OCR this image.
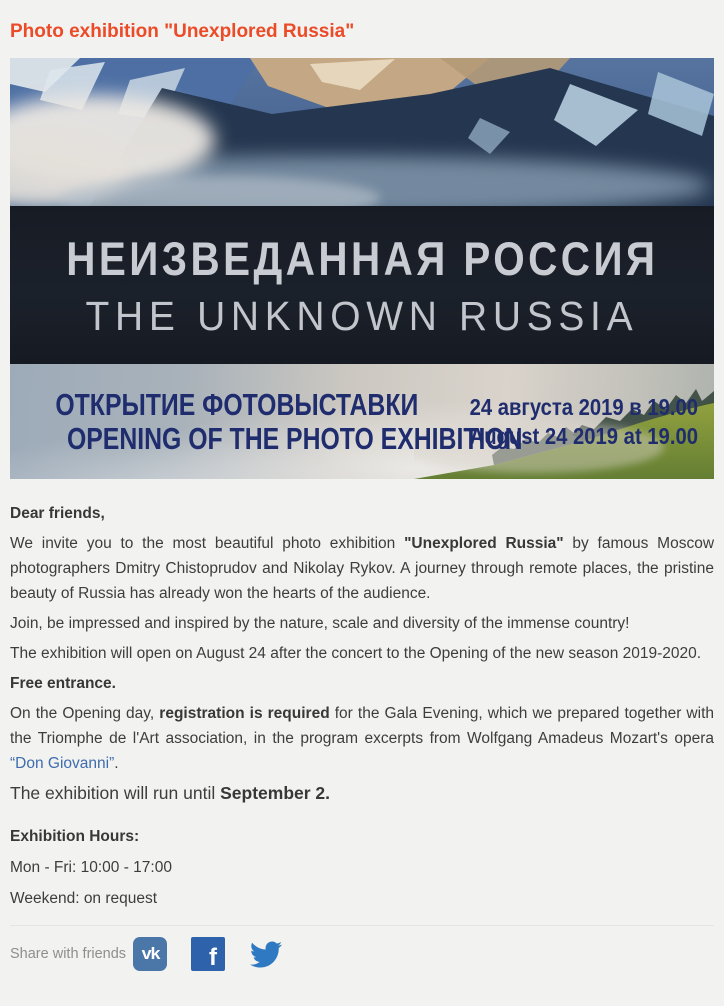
Photo exhibition "Unexplored Russia"
НЕИЗВЕДАННАЯ РОССИЯ
THE UNKNOWN RUSSIA
ОТКРЫТИЕ ФОТОВЫСТАВКИ
OPENING OF THE PHOTO EXHIBITION
24 августа 2019 в 19.00
August 24 2019 at 19.00

Dear friends,

We invite you to the most beautiful photo exhibition "Unexplored Russia" by famous Moscow photographers Dmitry Chistoprudov and Nikolay Rykov. A journey through remote places, the pristine beauty of Russia has already won the hearts of the audience.

Join, be impressed and inspired by the nature, scale and diversity of the immense country!

The exhibition will open on August 24 after the concert to the Opening of the new season 2019-2020.

Free entrance.

On the Opening day, registration is required for the Gala Evening, which we prepared together with the Triomphe de l'Art association, in the program excerpts from Wolfgang Amadeus Mozart's opera “Don Giovanni”.

The exhibition will run until September 2.

Exhibition Hours:

Mon - Fri: 10:00 - 17:00

Weekend: on request

Share with friends vk f
